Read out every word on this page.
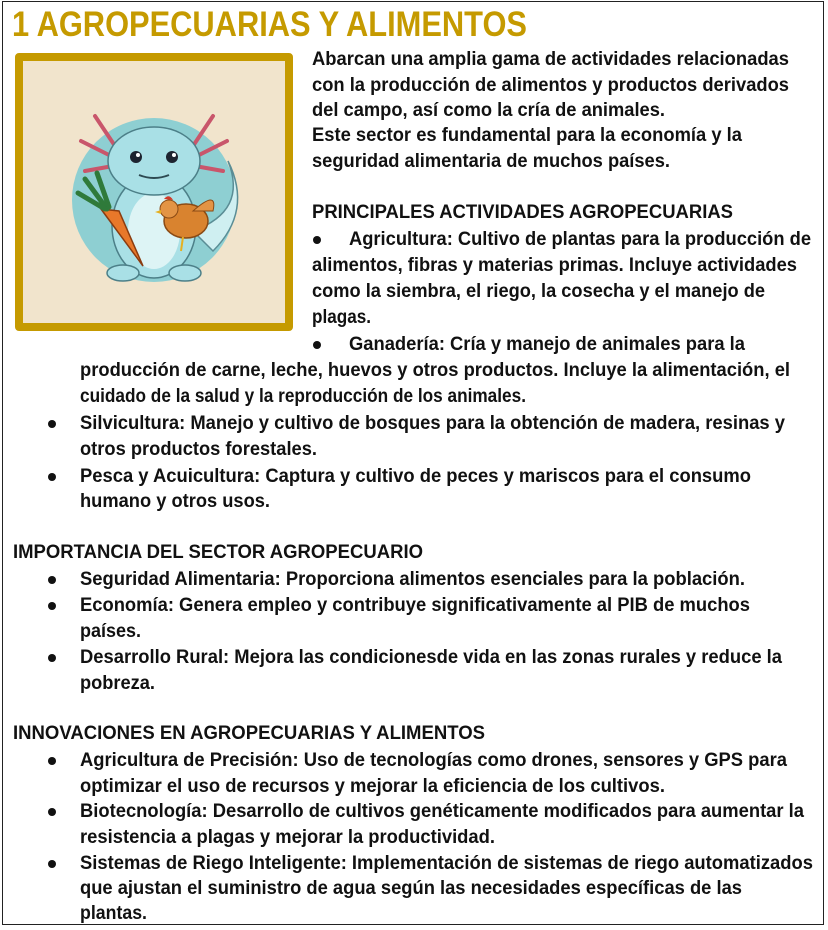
1 AGROPECUARIAS Y ALIMENTOS
Abarcan una amplia gama de actividades relacionadas
con la producción de alimentos y productos derivados
del campo, así como la cría de animales.
Este sector es fundamental para la economía y la
seguridad alimentaria de muchos países.
PRINCIPALES ACTIVIDADES AGROPECUARIAS
Agricultura: Cultivo de plantas para la producción de
alimentos, fibras y materias primas. Incluye actividades
como la siembra, el riego, la cosecha y el manejo de
plagas.
Ganadería: Cría y manejo de animales para la
producción de carne, leche, huevos y otros productos. Incluye la alimentación, el
cuidado de la salud y la reproducción de los animales.
Silvicultura: Manejo y cultivo de bosques para la obtención de madera, resinas y
otros productos forestales.
Pesca y Acuicultura: Captura y cultivo de peces y mariscos para el consumo
humano y otros usos.
IMPORTANCIA DEL SECTOR AGROPECUARIO
Seguridad Alimentaria: Proporciona alimentos esenciales para la población.
Economía: Genera empleo y contribuye significativamente al PIB de muchos
países.
Desarrollo Rural: Mejora las condicionesde vida en las zonas rurales y reduce la
pobreza.
INNOVACIONES EN AGROPECUARIAS Y ALIMENTOS
Agricultura de Precisión: Uso de tecnologías como drones, sensores y GPS para
optimizar el uso de recursos y mejorar la eficiencia de los cultivos.
Biotecnología: Desarrollo de cultivos genéticamente modificados para aumentar la
resistencia a plagas y mejorar la productividad.
Sistemas de Riego Inteligente: Implementación de sistemas de riego automatizados
que ajustan el suministro de agua según las necesidades específicas de las
plantas.
